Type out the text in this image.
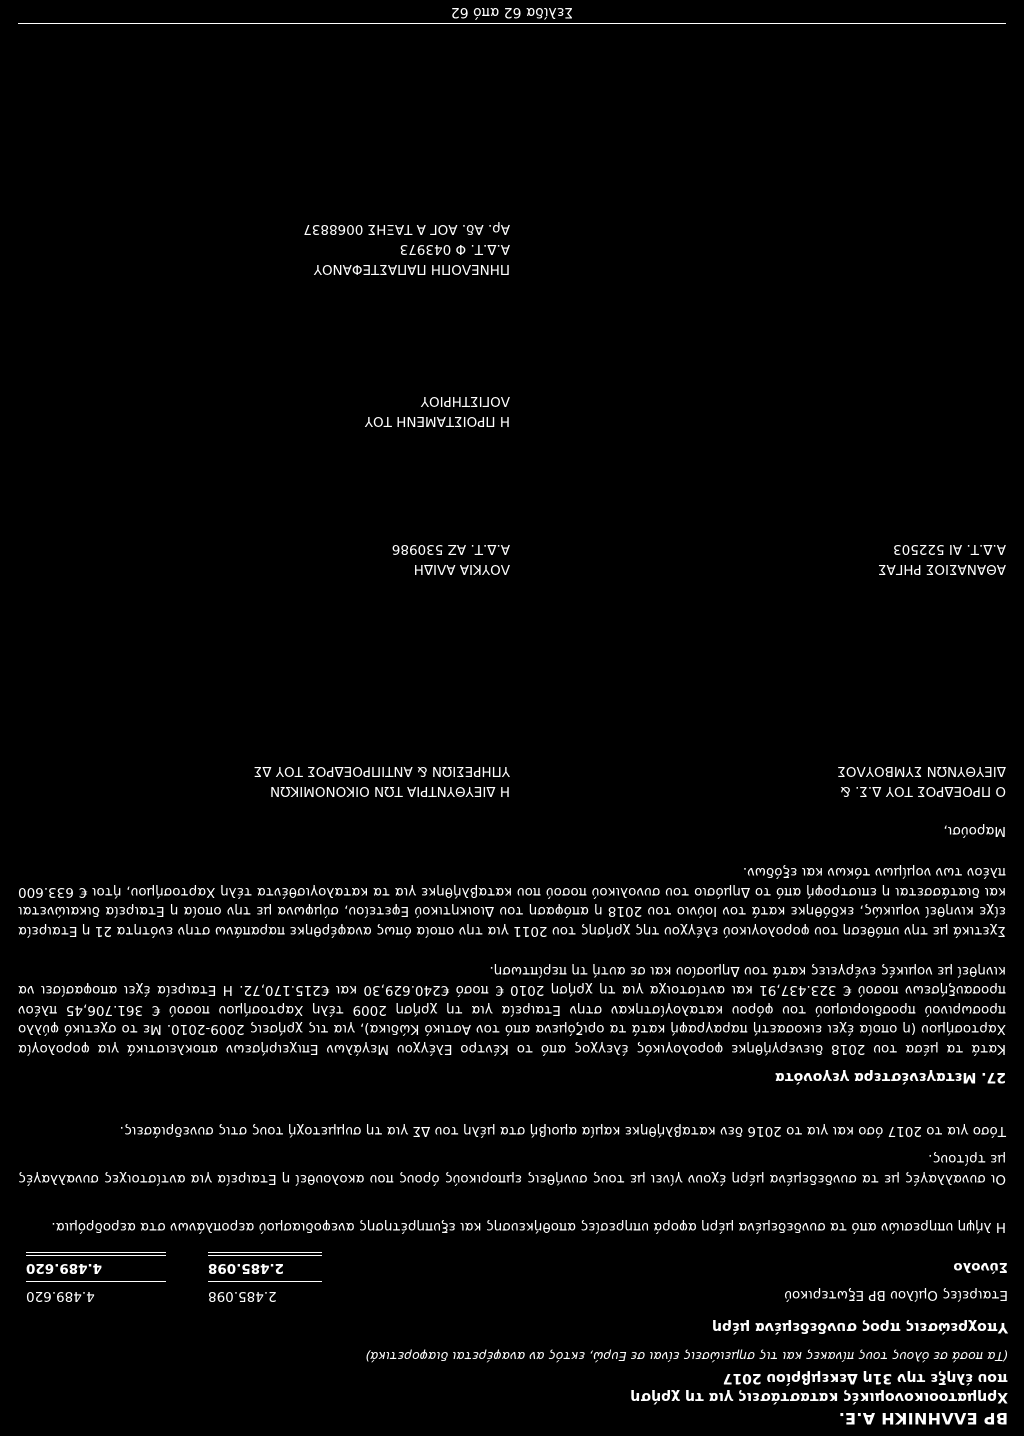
BP ΕΛΛΗΝΙΚΗ Α.Ε.
Χρηματοοικονομικές καταστάσεις για τη χρήση
που έληξε την 31η Δεκεμβρίου 2017
(Τα ποσά σε όλους τους πίνακες και τις σημειώσεις είναι σε Ευρώ, εκτός αν αναφέρεται διαφορετικά)
Υποχρεώσεις προς συνδεδεμένα μέρη
Εταιρείες Ομίλου BP Εξωτερικού
2.485.098
4.489.620
Σύνολο
2.485.098
4.489.620
Η λήψη υπηρεσιών από τα συνδεδεμένα μέρη αφορά υπηρεσίες αποθήκευσης και εξυπηρέτησης ανεφοδιασμού αεροπλάνων στα αεροδρόμια.
Οι συναλλαγές με τα συνδεδεμένα μέρη έχουν γίνει με τους συνήθεις εμπορικούς όρους που ακολουθεί η Εταιρεία για αντίστοιχες συναλλαγές με τρίτους.
Τόσο για το 2017 όσο και για το 2016 δεν καταβλήθηκε καμία αμοιβή στα μέλη του ΔΣ για τη συμμετοχή τους στις συνεδριάσεις.
27. Μεταγενέστερα γεγονότα
Κατά τα μέσα του 2018 διενεργήθηκε φορολογικός έλεγχος από το Κέντρο Ελέγχου Μεγάλων Επιχειρήσεων αποκλειστικά για φορολογία Χαρτοσήμου (η οποία έχει εικοσαετή παραγραφή κατά τα οριζόμενα από τον Αστικό Κώδικα), για τις χρήσεις 2009-2010. Με το σχετικό φύλλο προσωρινού προσδιορισμού του φόρου καταλογίστηκαν στην Εταιρεία για τη χρήση 2009 τέλη Χαρτοσήμου ποσού € 361.706,45 πλέον προσαυξήσεων ποσού € 323.437,91 και αντίστοιχα για τη χρήση 2010 € ποσό €240.629,30 και €215.170,72. Η Εταιρεία έχει αποφασίσει να κινηθεί με νομικές ενέργειες κατά του Δημοσίου και σε αυτή τη περίπτωση.
Σχετικά με την υπόθεση του φορολογικού ελέγχου της χρήσης του 2011 για την οποία όπως αναφέρθηκε παραπάνω στην ενότητα 21 η Εταιρεία είχε κινηθεί νομικώς, εκδόθηκε κατά τον Ιούνιο του 2018 η απόφαση του Διοικητικού Εφετείου, σύμφωνα με την οποία η Εταιρεία δικαιώνεται και διατάσσεται η επιστροφή από το Δημόσιο του συνολικού ποσού που καταβλήθηκε για τα καταλογισθέντα τέλη Χαρτοσήμου, ήτοι € 633.600 πλέον των νομίμων τόκων και εξόδων.
Μαρούσι,
Ο ΠΡΟΕΔΡΟΣ ΤΟΥ Δ.Σ. &
ΔΙΕΥΘΥΝΩΝ ΣΥΜΒΟΥΛΟΣ
Η ΔΙΕΥΘΥΝΤΡΙΑ ΤΩΝ ΟΙΚΟΝΟΜΙΚΩΝ
ΥΠΗΡΕΣΙΩΝ & ΑΝΤΙΠΡΟΕΔΡΟΣ ΤΟΥ ΔΣ
ΑΘΑΝΑΣΙΟΣ ΡΗΓΑΣ
Α.Δ.Τ. ΑΙ 522503
ΛΟΥΚΙΑ ΑΛΙΔΗ
Α.Δ.Τ. ΑΖ 530986
Η ΠΡΟΙΣΤΑΜΕΝΗ ΤΟΥ
ΛΟΓΙΣΤΗΡΙΟΥ
ΠΗΝΕΛΟΠΗ ΠΑΠΑΣΤΕΦΑΝΟΥ
Α.Δ.Τ. Φ 043973
Αρ. Αδ. ΑΟΓ Α ΤΑΞΗΣ 0068837
Σελίδα 62 από 62
